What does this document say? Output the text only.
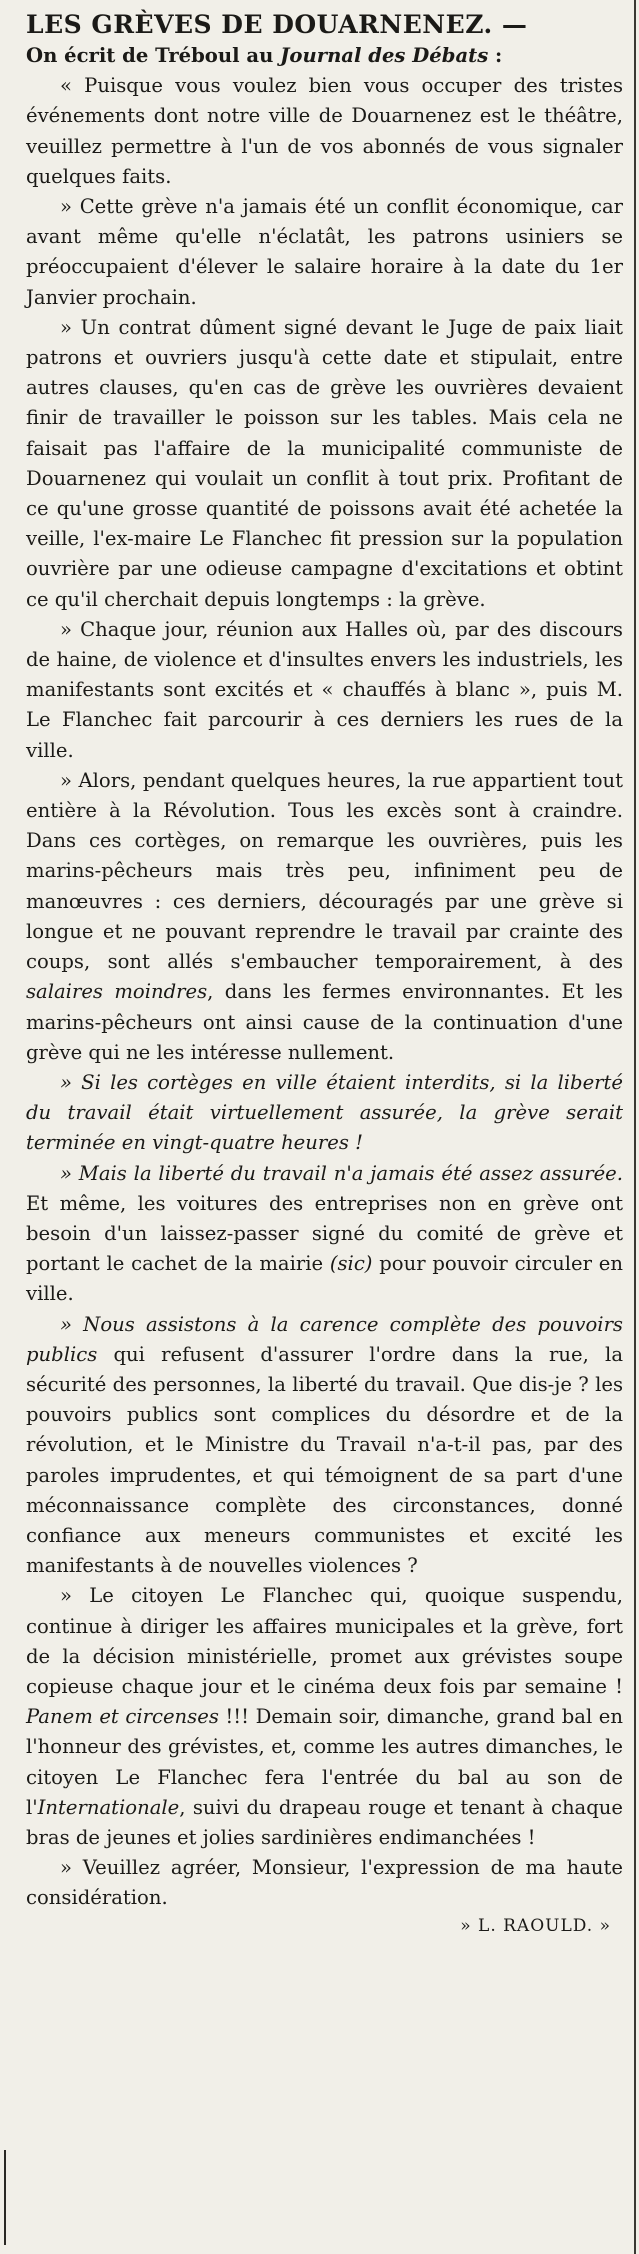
LES GRÈVES DE DOUARNENEZ. —

On écrit de Tréboul au Journal des Débats :

« Puisque vous voulez bien vous occuper des tristes événements dont notre ville de Douarnenez est le théâtre, veuillez permettre à l'un de vos abonnés de vous signaler quelques faits.

» Cette grève n'a jamais été un conflit économique, car avant même qu'elle n'éclatât, les patrons usiniers se préoccupaient d'élever le salaire horaire à la date du 1er Janvier prochain.

» Un contrat dûment signé devant le Juge de paix liait patrons et ouvriers jusqu'à cette date et stipulait, entre autres clauses, qu'en cas de grève les ouvrières devaient finir de travailler le poisson sur les tables. Mais cela ne faisait pas l'affaire de la municipalité communiste de Douarnenez qui voulait un conflit à tout prix. Profitant de ce qu'une grosse quantité de poissons avait été achetée la veille, l'ex-maire Le Flanchec fit pression sur la population ouvrière par une odieuse campagne d'excitations et obtint ce qu'il cherchait depuis longtemps : la grève.

» Chaque jour, réunion aux Halles où, par des discours de haine, de violence et d'insultes envers les industriels, les manifestants sont excités et « chauffés à blanc », puis M. Le Flanchec fait parcourir à ces derniers les rues de la ville.

» Alors, pendant quelques heures, la rue appartient tout entière à la Révolution. Tous les excès sont à craindre. Dans ces cortèges, on remarque les ouvrières, puis les marins-pêcheurs mais très peu, infiniment peu de manœuvres : ces derniers, découragés par une grève si longue et ne pouvant reprendre le travail par crainte des coups, sont allés s'embaucher temporairement, à des salaires moindres, dans les fermes environnantes. Et les marins-pêcheurs ont ainsi cause de la continuation d'une grève qui ne les intéresse nullement.

» Si les cortèges en ville étaient interdits, si la liberté du travail était virtuellement assurée, la grève serait terminée en vingt-quatre heures !

» Mais la liberté du travail n'a jamais été assez assurée. Et même, les voitures des entreprises non en grève ont besoin d'un laissez-passer signé du comité de grève et portant le cachet de la mairie (sic) pour pouvoir circuler en ville.

» Nous assistons à la carence complète des pouvoirs publics qui refusent d'assurer l'ordre dans la rue, la sécurité des personnes, la liberté du travail. Que dis-je ? les pouvoirs publics sont complices du désordre et de la révolution, et le Ministre du Travail n'a-t-il pas, par des paroles imprudentes, et qui témoignent de sa part d'une méconnaissance complète des circonstances, donné confiance aux meneurs communistes et excité les manifestants à de nouvelles violences ?

» Le citoyen Le Flanchec qui, quoique suspendu, continue à diriger les affaires municipales et la grève, fort de la décision ministérielle, promet aux grévistes soupe copieuse chaque jour et le cinéma deux fois par semaine ! Panem et circenses !!! Demain soir, dimanche, grand bal en l'honneur des grévistes, et, comme les autres dimanches, le citoyen Le Flanchec fera l'entrée du bal au son de l'Internationale, suivi du drapeau rouge et tenant à chaque bras de jeunes et jolies sardinières endimanchées !

» Veuillez agréer, Monsieur, l'expression de ma haute considération.

» L. RAOULD. »
